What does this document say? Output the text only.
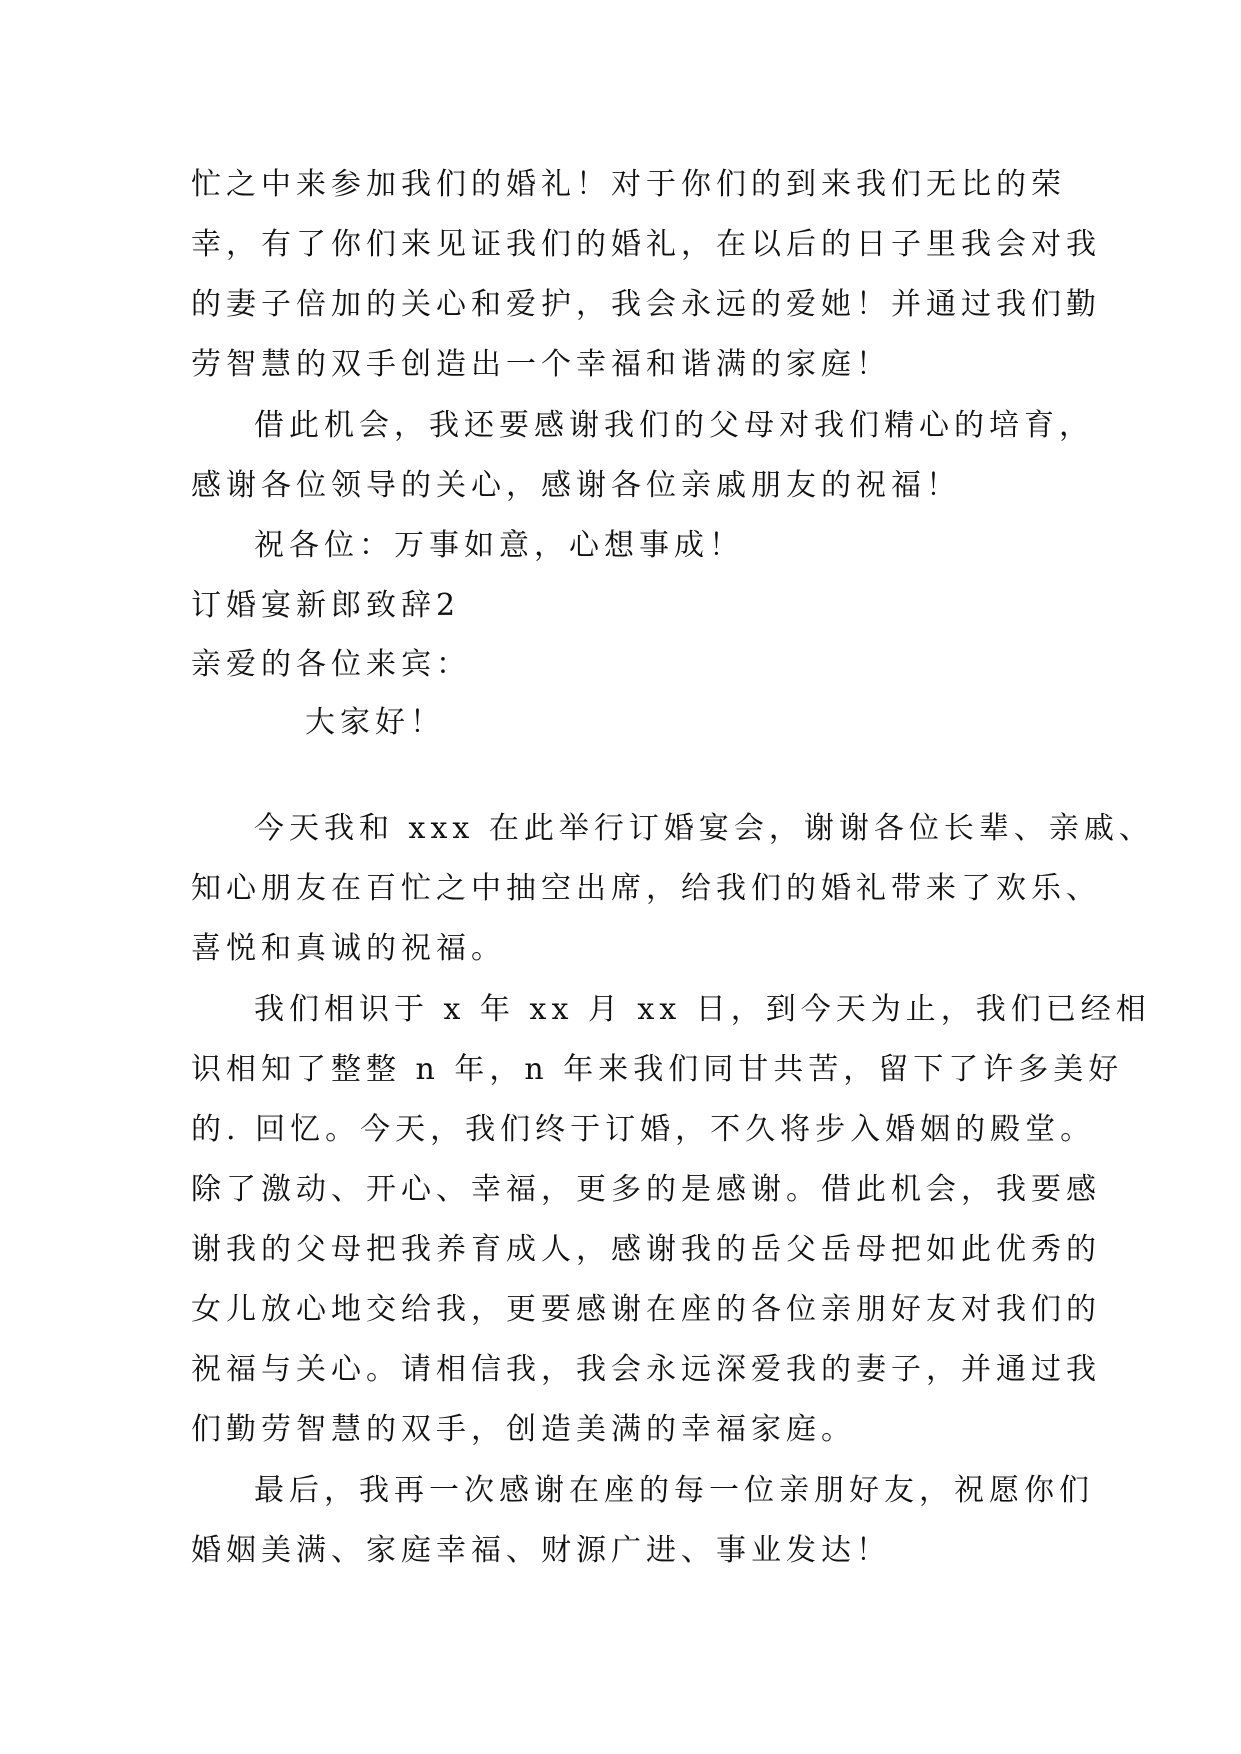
忙之中来参加我们的婚礼！对于你们的到来我们无比的荣
幸，有了你们来见证我们的婚礼，在以后的日子里我会对我
的妻子倍加的关心和爱护，我会永远的爱她！并通过我们勤
劳智慧的双手创造出一个幸福和谐满的家庭！
借此机会，我还要感谢我们的父母对我们精心的培育，
感谢各位领导的关心，感谢各位亲戚朋友的祝福！
祝各位：万事如意，心想事成！
订婚宴新郎致辞2
亲爱的各位来宾：
大家好！
今天我和 xxx 在此举行订婚宴会，谢谢各位长辈、亲戚、
知心朋友在百忙之中抽空出席，给我们的婚礼带来了欢乐、
喜悦和真诚的祝福。
我们相识于 x 年 xx 月 xx 日，到今天为止，我们已经相
识相知了整整 n 年，n 年来我们同甘共苦，留下了许多美好
的. 回忆。今天，我们终于订婚，不久将步入婚姻的殿堂。
除了激动、开心、幸福，更多的是感谢。借此机会，我要感
谢我的父母把我养育成人，感谢我的岳父岳母把如此优秀的
女儿放心地交给我，更要感谢在座的各位亲朋好友对我们的
祝福与关心。请相信我，我会永远深爱我的妻子，并通过我
们勤劳智慧的双手，创造美满的幸福家庭。
最后，我再一次感谢在座的每一位亲朋好友，祝愿你们
婚姻美满、家庭幸福、财源广进、事业发达！
